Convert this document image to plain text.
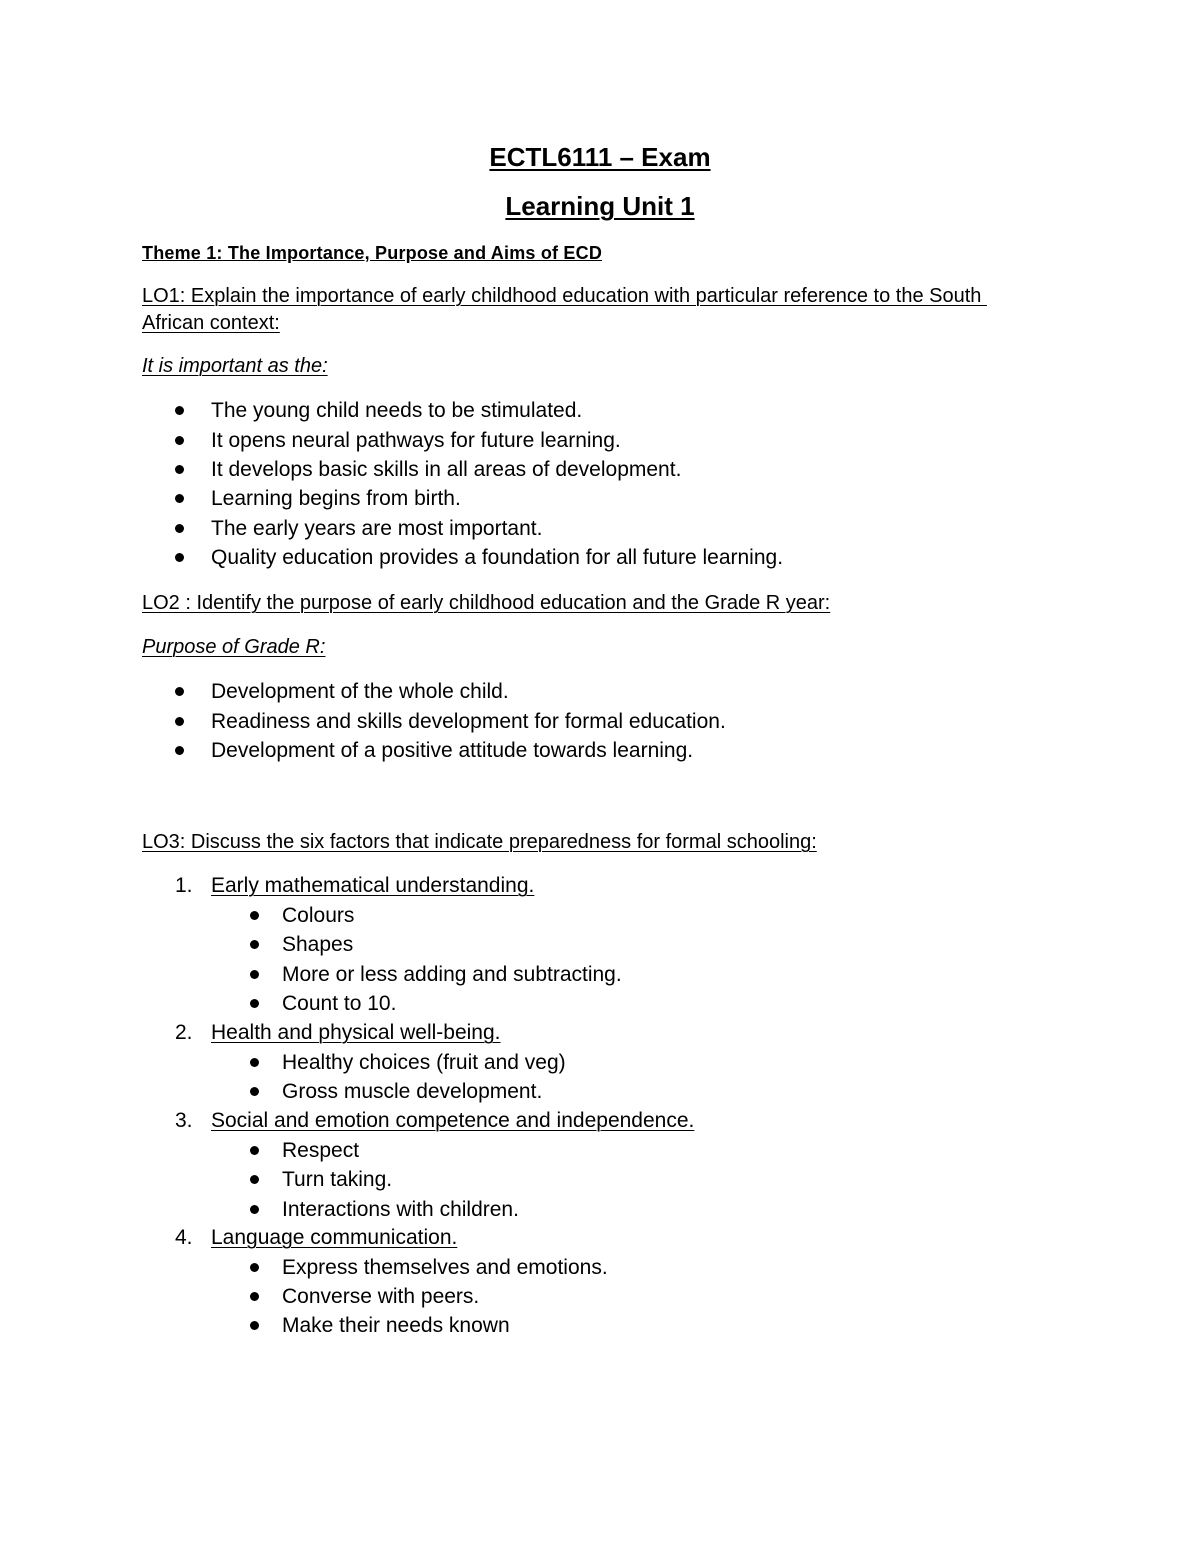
ECTL6111 – Exam
Learning Unit 1
Theme 1: The Importance, Purpose and Aims of ECD
LO1: Explain the importance of early childhood education with particular reference to the South
African context:
It is important as the:
The young child needs to be stimulated.
It opens neural pathways for future learning.
It develops basic skills in all areas of development.
Learning begins from birth.
The early years are most important.
Quality education provides a foundation for all future learning.
LO2 : Identify the purpose of early childhood education and the Grade R year:
Purpose of Grade R:
Development of the whole child.
Readiness and skills development for formal education.
Development of a positive attitude towards learning.
LO3: Discuss the six factors that indicate preparedness for formal schooling:
1. Early mathematical understanding.
Colours
Shapes
More or less adding and subtracting.
Count to 10.
2. Health and physical well-being.
Healthy choices (fruit and veg)
Gross muscle development.
3. Social and emotion competence and independence.
Respect
Turn taking.
Interactions with children.
4. Language communication.
Express themselves and emotions.
Converse with peers.
Make their needs known
